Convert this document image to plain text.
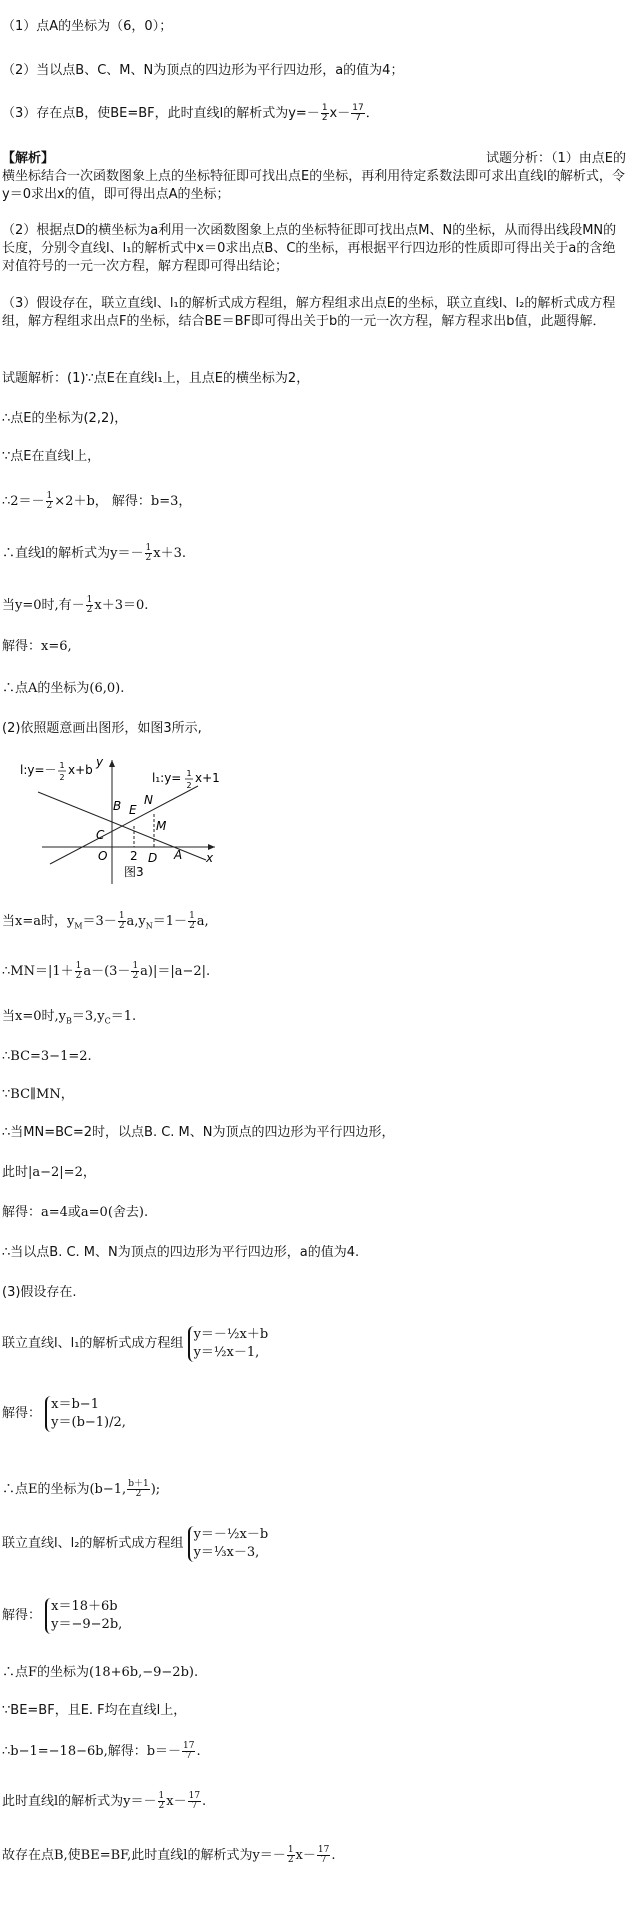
（1）点A的坐标为（6，0）；
（2）当以点B、C、M、N为顶点的四边形为平行四边形，a的值为4；
（3）存在点B，使BE=BF，此时直线l的解析式为$y=- \frac{1}{2} x- \frac{17}{7}$ ．
【解析】	试题分析：（1）由点E的
横坐标结合一次函数图象上点的坐标特征即可找出点E的坐标，再利用待定系数法即可求出直线l的解析式，令y＝0求出x的值，即可得出点A的坐标；
（2）根据点D的横坐标为a利用一次函数图象上点的坐标特征即可找出点M、N的坐标，从而得出线段MN的长度，分别令直线l、l₁的解析式中x＝0求出点B、C的坐标，再根据平行四边形的性质即可得出关于a的含绝对值符号的一元一次方程，解方程即可得出结论；
（3）假设存在，联立直线l、l₁的解析式成方程组，解方程组求出点E的坐标，联立直线l、l₂的解析式成方程组，解方程组求出点F的坐标，结合BE＝BF即可得出关于b的一元一次方程，解方程求出b值，此题得解．
试题解析：(1)∵点E在直线l₁上，且点E的横坐标为2，
∴点E的坐标为(2,2)，
∵点E在直线l上，
∴2＝－ $\frac{1}{2} \times 2+b$， 解得：b=3，
∴直线l的解析式为$y=- \frac{1}{2} x+3$.
当y=0时,有－ $\frac{1}{2} x+3=0$.
解得：x=6,
∴点A的坐标为(6,0).
(2)依照题意画出图形，如图3所示,
l:y=－ 1
2
x+b
l₁:y= 1
2
x+1
y
x
B E
N
M
C
O 2 D A
图3
当x=a时，$y_M=3- \frac{1}{2} a,y_N=1- \frac{1}{2} a$,
∴MN＝|1＋ $\frac{1}{2} a-(3- \frac{1}{2} a)|=|a-2|$.
当x=0时$,y_B=3,y_C=1$.
∴BC=3−1=2.
∵BC∥MN，
∴当MN=BC=2时，以点B. C. M、N为顶点的四边形为平行四边形，
此时|a−2|=2，
解得：a=4或a=0(舍去).
∴当以点B. C. M、N为顶点的四边形为平行四边形，a的值为4.
(3)假设存在.
联立直线l、l₁的解析式成方程组 y＝－½x＋b
y＝½x－1,
解得： x＝b−1
y＝(b−1)/2,
∴点E的坐标为(b−1, $\frac{b+1}{2}$ );
联立直线l、l₂的解析式成方程组 y＝－½x－b
y＝⅓x－3,
解得： x＝18＋6b
y＝−9−2b,
∴点F的坐标为(18+6b,−9−2b).
∵BE=BF，且E. F均在直线l上，
∴b−1=−18−6b,解得：$b=- \frac{17}{7}$ .
此时直线l的解析式为$y=- \frac{1}{2} x- \frac{17}{7}$ .
故存在点B,使BE=BF,此时直线l的解析式为$y=- \frac{1}{2} x- \frac{17}{7}$ .
